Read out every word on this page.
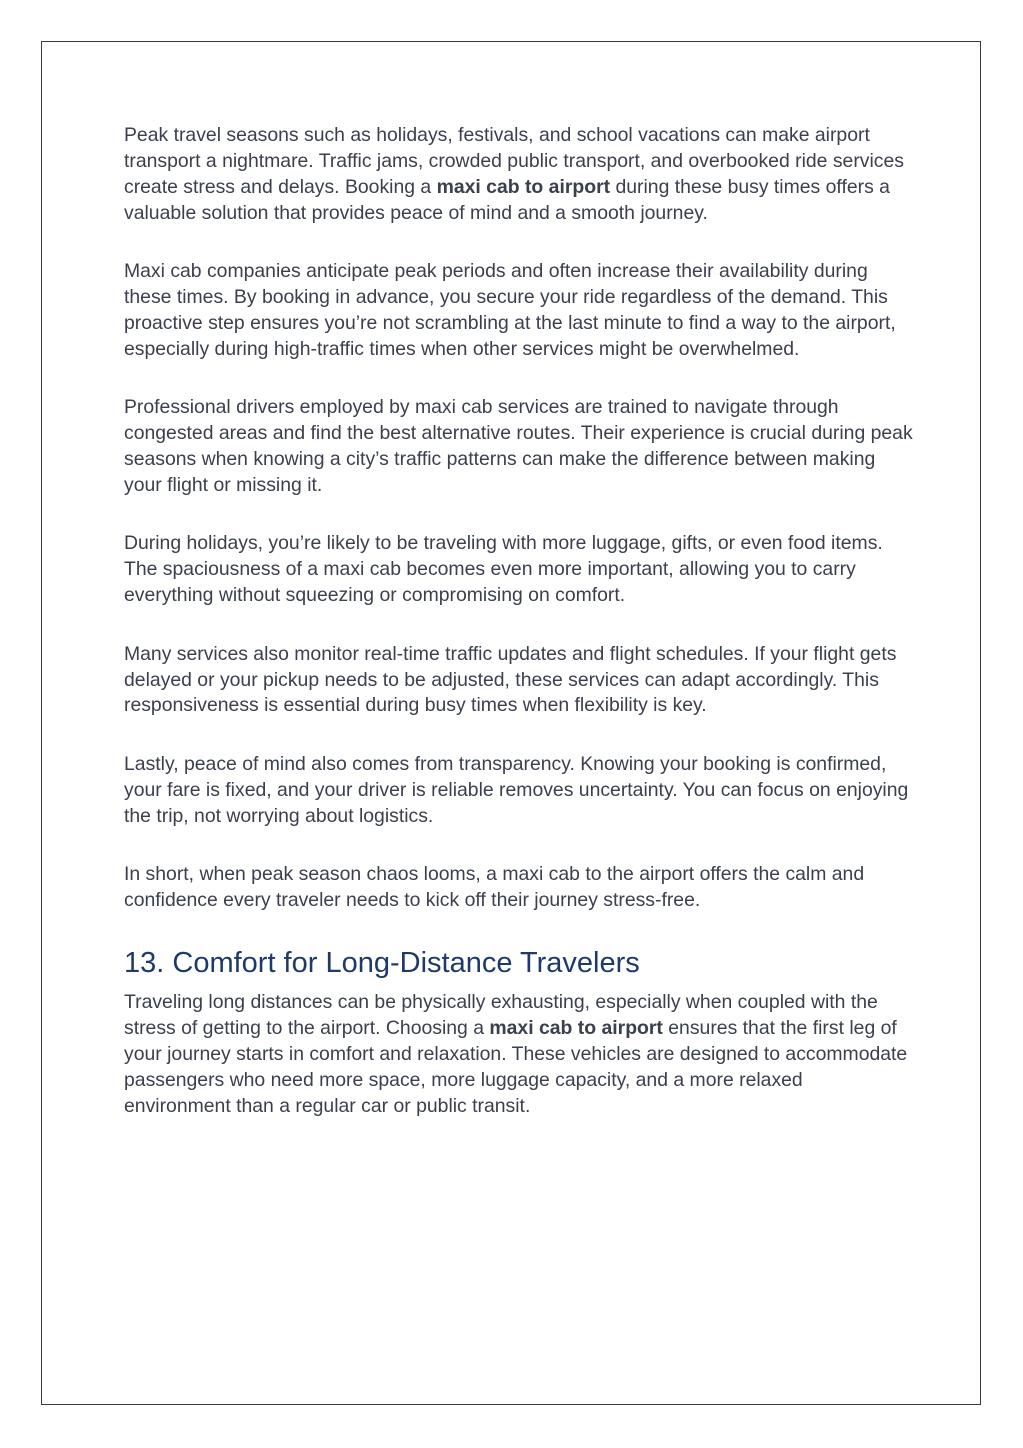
Peak travel seasons such as holidays, festivals, and school vacations can make airport transport a nightmare. Traffic jams, crowded public transport, and overbooked ride services create stress and delays. Booking a maxi cab to airport during these busy times offers a valuable solution that provides peace of mind and a smooth journey.

Maxi cab companies anticipate peak periods and often increase their availability during these times. By booking in advance, you secure your ride regardless of the demand. This proactive step ensures you’re not scrambling at the last minute to find a way to the airport, especially during high-traffic times when other services might be overwhelmed.

Professional drivers employed by maxi cab services are trained to navigate through congested areas and find the best alternative routes. Their experience is crucial during peak seasons when knowing a city’s traffic patterns can make the difference between making your flight or missing it.

During holidays, you’re likely to be traveling with more luggage, gifts, or even food items. The spaciousness of a maxi cab becomes even more important, allowing you to carry everything without squeezing or compromising on comfort.

Many services also monitor real-time traffic updates and flight schedules. If your flight gets delayed or your pickup needs to be adjusted, these services can adapt accordingly. This responsiveness is essential during busy times when flexibility is key.

Lastly, peace of mind also comes from transparency. Knowing your booking is confirmed, your fare is fixed, and your driver is reliable removes uncertainty. You can focus on enjoying the trip, not worrying about logistics.

In short, when peak season chaos looms, a maxi cab to the airport offers the calm and confidence every traveler needs to kick off their journey stress-free.

13. Comfort for Long-Distance Travelers

Traveling long distances can be physically exhausting, especially when coupled with the stress of getting to the airport. Choosing a maxi cab to airport ensures that the first leg of your journey starts in comfort and relaxation. These vehicles are designed to accommodate passengers who need more space, more luggage capacity, and a more relaxed environment than a regular car or public transit.
